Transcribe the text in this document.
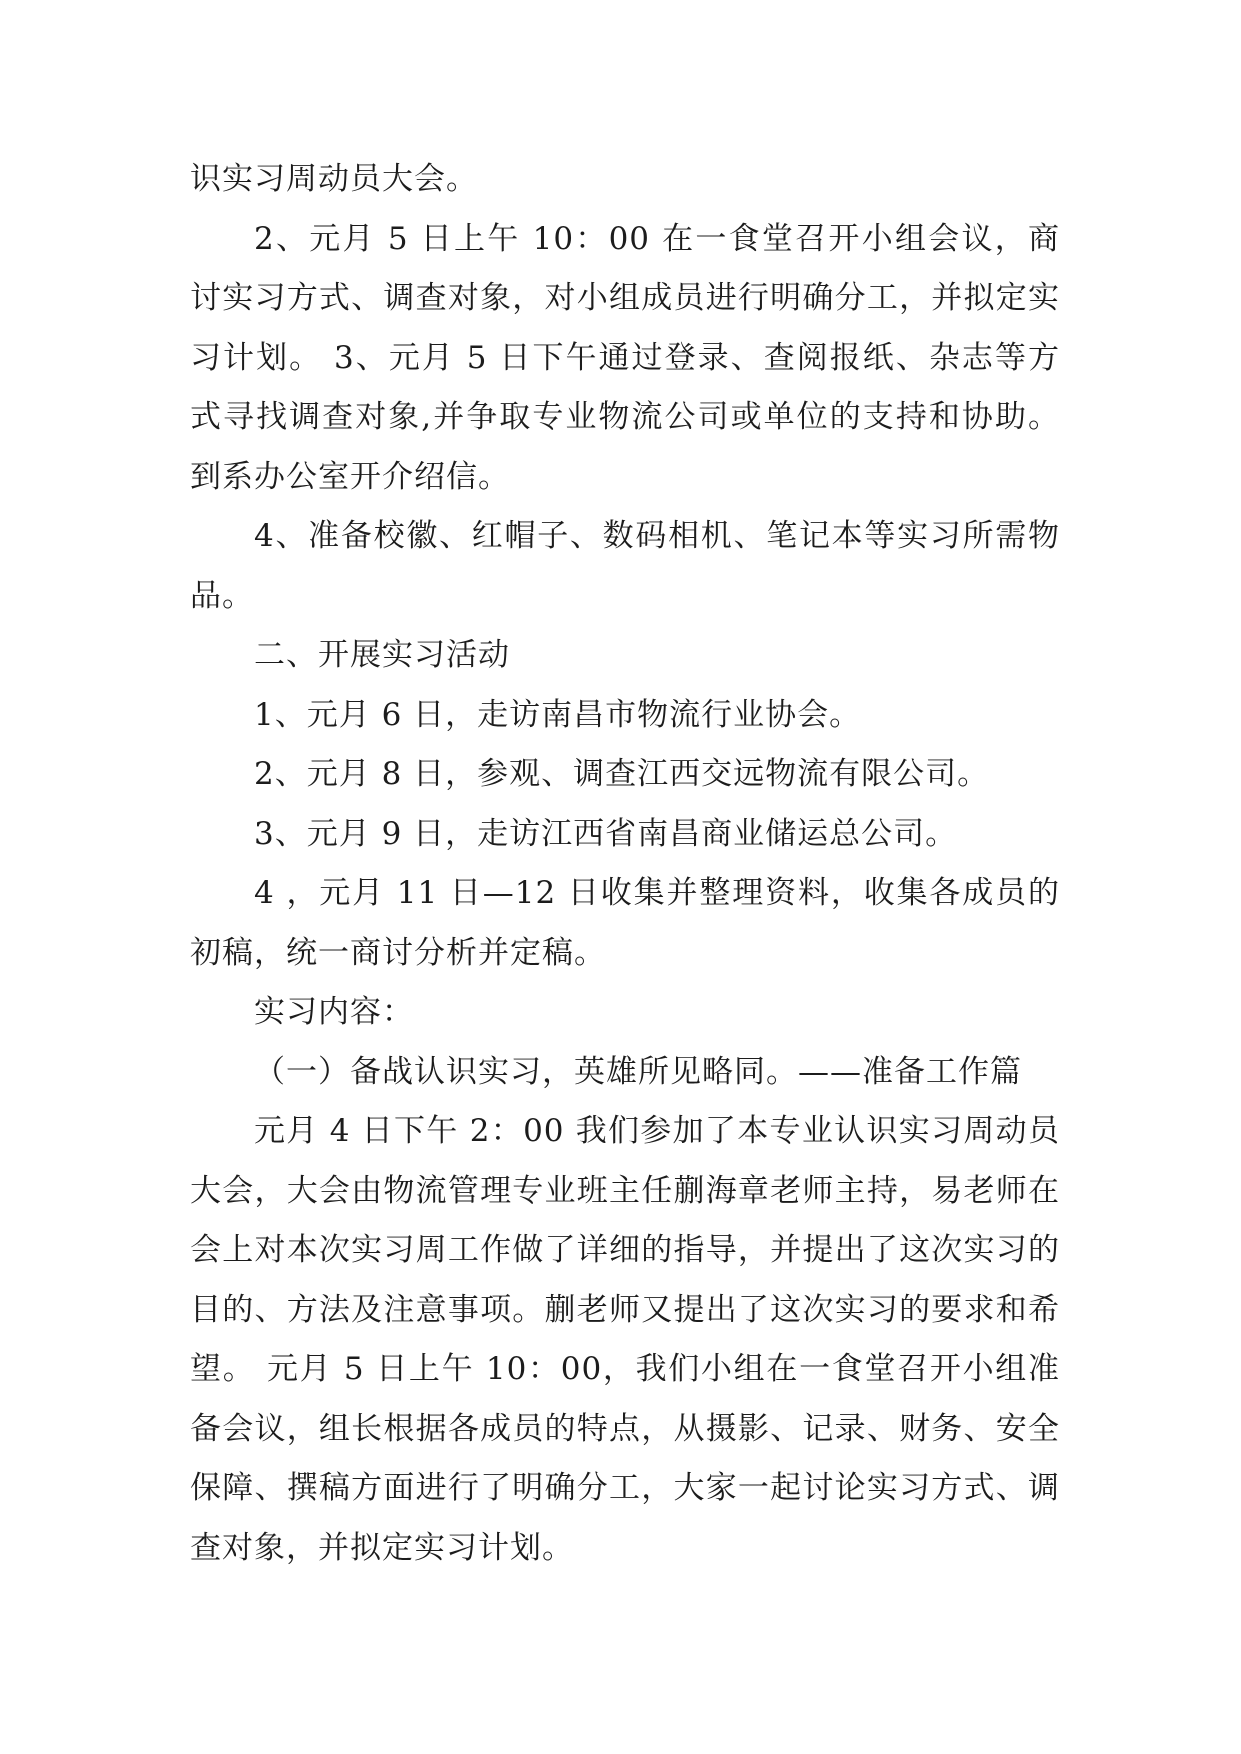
识实习周动员大会。

2、元月 5 日上午 10：00 在一食堂召开小组会议，商讨实习方式、调查对象，对小组成员进行明确分工，并拟定实习计划。 3、元月 5 日下午通过登录、查阅报纸、杂志等方式寻找调查对象,并争取专业物流公司或单位的支持和协助。到系办公室开介绍信。

4、准备校徽、红帽子、数码相机、笔记本等实习所需物品。

二、开展实习活动

1、元月 6 日，走访南昌市物流行业协会。

2、元月 8 日，参观、调查江西交远物流有限公司。

3、元月 9 日，走访江西省南昌商业储运总公司。

4 ，元月 11 日—12 日收集并整理资料，收集各成员的初稿，统一商讨分析并定稿。

实习内容：

（一）备战认识实习，英雄所见略同。——准备工作篇

元月 4 日下午 2：00 我们参加了本专业认识实习周动员大会，大会由物流管理专业班主任蒯海章老师主持，易老师在会上对本次实习周工作做了详细的指导，并提出了这次实习的目的、方法及注意事项。蒯老师又提出了这次实习的要求和希望。 元月 5 日上午 10：00，我们小组在一食堂召开小组准备会议，组长根据各成员的特点，从摄影、记录、财务、安全保障、撰稿方面进行了明确分工，大家一起讨论实习方式、调查对象，并拟定实习计划。
